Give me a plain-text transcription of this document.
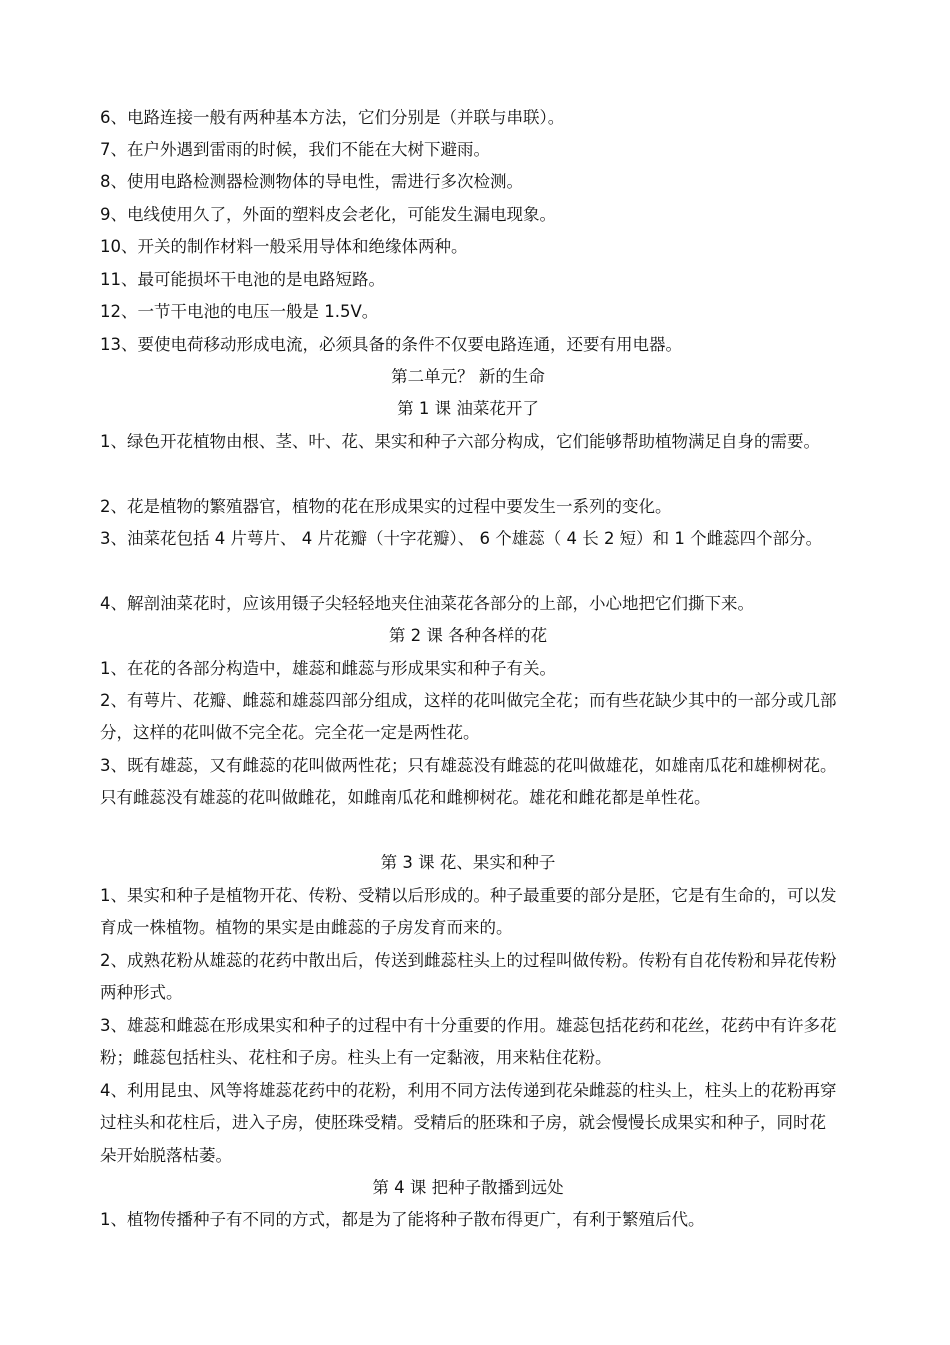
6、电路连接一般有两种基本方法，它们分别是（并联与串联）。
7、在户外遇到雷雨的时候，我们不能在大树下避雨。
8、使用电路检测器检测物体的导电性，需进行多次检测。
9、电线使用久了，外面的塑料皮会老化，可能发生漏电现象。
10、开关的制作材料一般采用导体和绝缘体两种。
11、最可能损坏干电池的是电路短路。
12、一节干电池的电压一般是 1.5V。
13、要使电荷移动形成电流，必须具备的条件不仅要电路连通，还要有用电器。
第二单元？ 新的生命
第 1 课 油菜花开了
1、绿色开花植物由根、茎、叶、花、果实和种子六部分构成，它们能够帮助植物满足自身的需要。
2、花是植物的繁殖器官，植物的花在形成果实的过程中要发生一系列的变化。
3、油菜花包括 4 片萼片、 4 片花瓣（十字花瓣）、 6 个雄蕊（ 4 长 2 短）和 1 个雌蕊四个部分。
4、解剖油菜花时，应该用镊子尖轻轻地夹住油菜花各部分的上部，小心地把它们撕下来。
第 2 课 各种各样的花
1、在花的各部分构造中，雄蕊和雌蕊与形成果实和种子有关。
2、有萼片、花瓣、雌蕊和雄蕊四部分组成，这样的花叫做完全花；而有些花缺少其中的一部分或几部分，这样的花叫做不完全花。完全花一定是两性花。
3、既有雄蕊，又有雌蕊的花叫做两性花；只有雄蕊没有雌蕊的花叫做雄花，如雄南瓜花和雄柳树花。只有雌蕊没有雄蕊的花叫做雌花，如雌南瓜花和雌柳树花。雄花和雌花都是单性花。
第 3 课 花、果实和种子
1、果实和种子是植物开花、传粉、受精以后形成的。种子最重要的部分是胚，它是有生命的，可以发育成一株植物。植物的果实是由雌蕊的子房发育而来的。
2、成熟花粉从雄蕊的花药中散出后，传送到雌蕊柱头上的过程叫做传粉。传粉有自花传粉和异花传粉两种形式。
3、雄蕊和雌蕊在形成果实和种子的过程中有十分重要的作用。雄蕊包括花药和花丝，花药中有许多花粉；雌蕊包括柱头、花柱和子房。柱头上有一定黏液，用来粘住花粉。
4、利用昆虫、风等将雄蕊花药中的花粉，利用不同方法传递到花朵雌蕊的柱头上，柱头上的花粉再穿过柱头和花柱后，进入子房，使胚珠受精。受精后的胚珠和子房，就会慢慢长成果实和种子，同时花朵开始脱落枯萎。
第 4 课 把种子散播到远处
1、植物传播种子有不同的方式，都是为了能将种子散布得更广，有利于繁殖后代。
